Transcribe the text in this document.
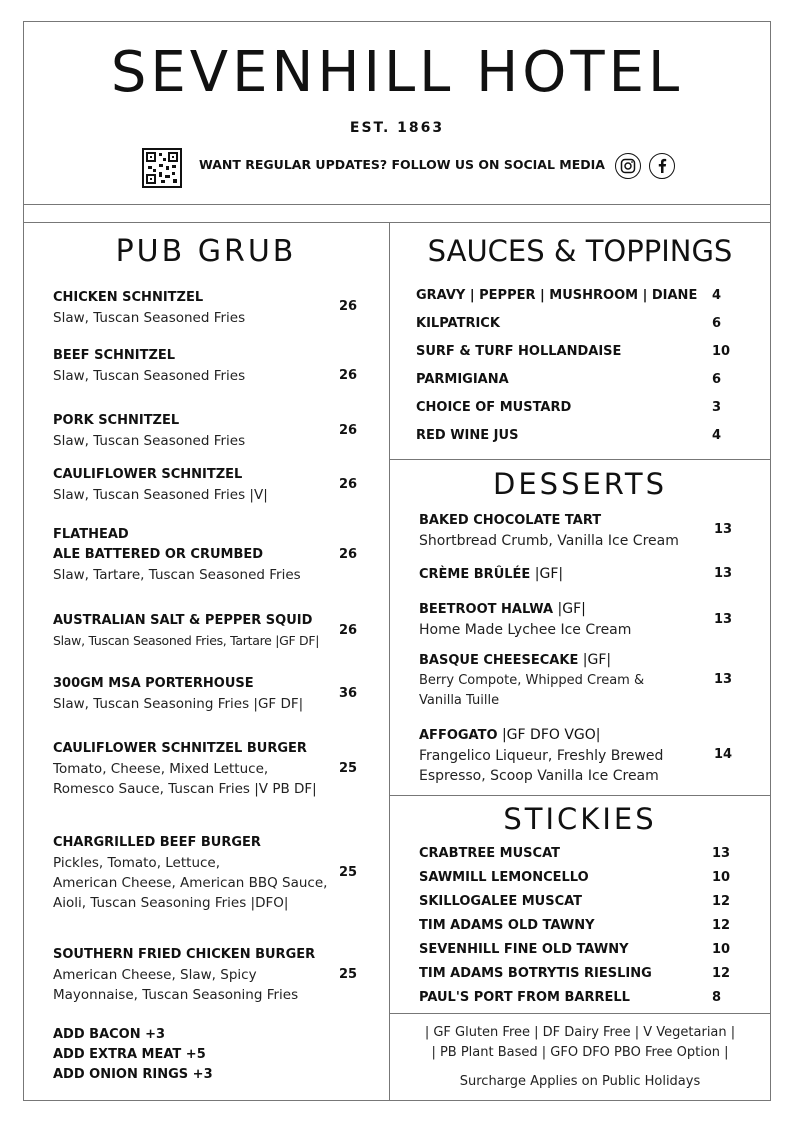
SEVENHILL HOTEL
EST. 1863
WANT REGULAR UPDATES? FOLLOW US ON SOCIAL MEDIA
PUB GRUB	SAUCES & TOPPINGS
DESSERTS
STICKIES
CHICKEN SCHNITZEL
Slaw, Tuscan Seasoned Fries
26
BEEF SCHNITZEL
Slaw, Tuscan Seasoned Fries	26
PORK SCHNITZEL
Slaw, Tuscan Seasoned Fries
26
CAULIFLOWER SCHNITZEL
Slaw, Tuscan Seasoned Fries |V|
26
FLATHEAD
ALE BATTERED OR CRUMBED
Slaw, Tartare, Tuscan Seasoned Fries
26
AUSTRALIAN SALT & PEPPER SQUID
Slaw, Tuscan Seasoned Fries, Tartare |GF DF|
26
300GM MSA PORTERHOUSE
Slaw, Tuscan Seasoning Fries |GF DF|
36
CAULIFLOWER SCHNITZEL BURGER
Tomato, Cheese, Mixed Lettuce,
Romesco Sauce, Tuscan Fries |V PB DF|
25
CHARGRILLED BEEF BURGER
Pickles, Tomato, Lettuce,
American Cheese, American BBQ Sauce,
Aioli, Tuscan Seasoning Fries |DFO|
25
SOUTHERN FRIED CHICKEN BURGER
American Cheese, Slaw, Spicy
Mayonnaise, Tuscan Seasoning Fries
25
ADD BACON +3
ADD EXTRA MEAT +5
ADD ONION RINGS +3
GRAVY | PEPPER | MUSHROOM | DIANE 4
KILPATRICK	6
SURF & TURF HOLLANDAISE	10
PARMIGIANA	6
CHOICE OF MUSTARD	3
RED WINE JUS	4
BAKED CHOCOLATE TART
Shortbread Crumb, Vanilla Ice Cream
13
CRÈME BRÛLÉE |GF|	13
BEETROOT HALWA |GF|
Home Made Lychee Ice Cream
13
BASQUE CHEESECAKE |GF|
Berry Compote, Whipped Cream &
Vanilla Tuille
13
AFFOGATO |GF DFO VGO|
Frangelico Liqueur, Freshly Brewed
Espresso, Scoop Vanilla Ice Cream
14
CRABTREE MUSCAT	13
SAWMILL LEMONCELLO	10
SKILLOGALEE MUSCAT	12
TIM ADAMS OLD TAWNY	12
SEVENHILL FINE OLD TAWNY	10
TIM ADAMS BOTRYTIS RIESLING	12
PAUL'S PORT FROM BARRELL	8
| GF Gluten Free | DF Dairy Free | V Vegetarian |
| PB Plant Based | GFO DFO PBO Free Option |
Surcharge Applies on Public Holidays
